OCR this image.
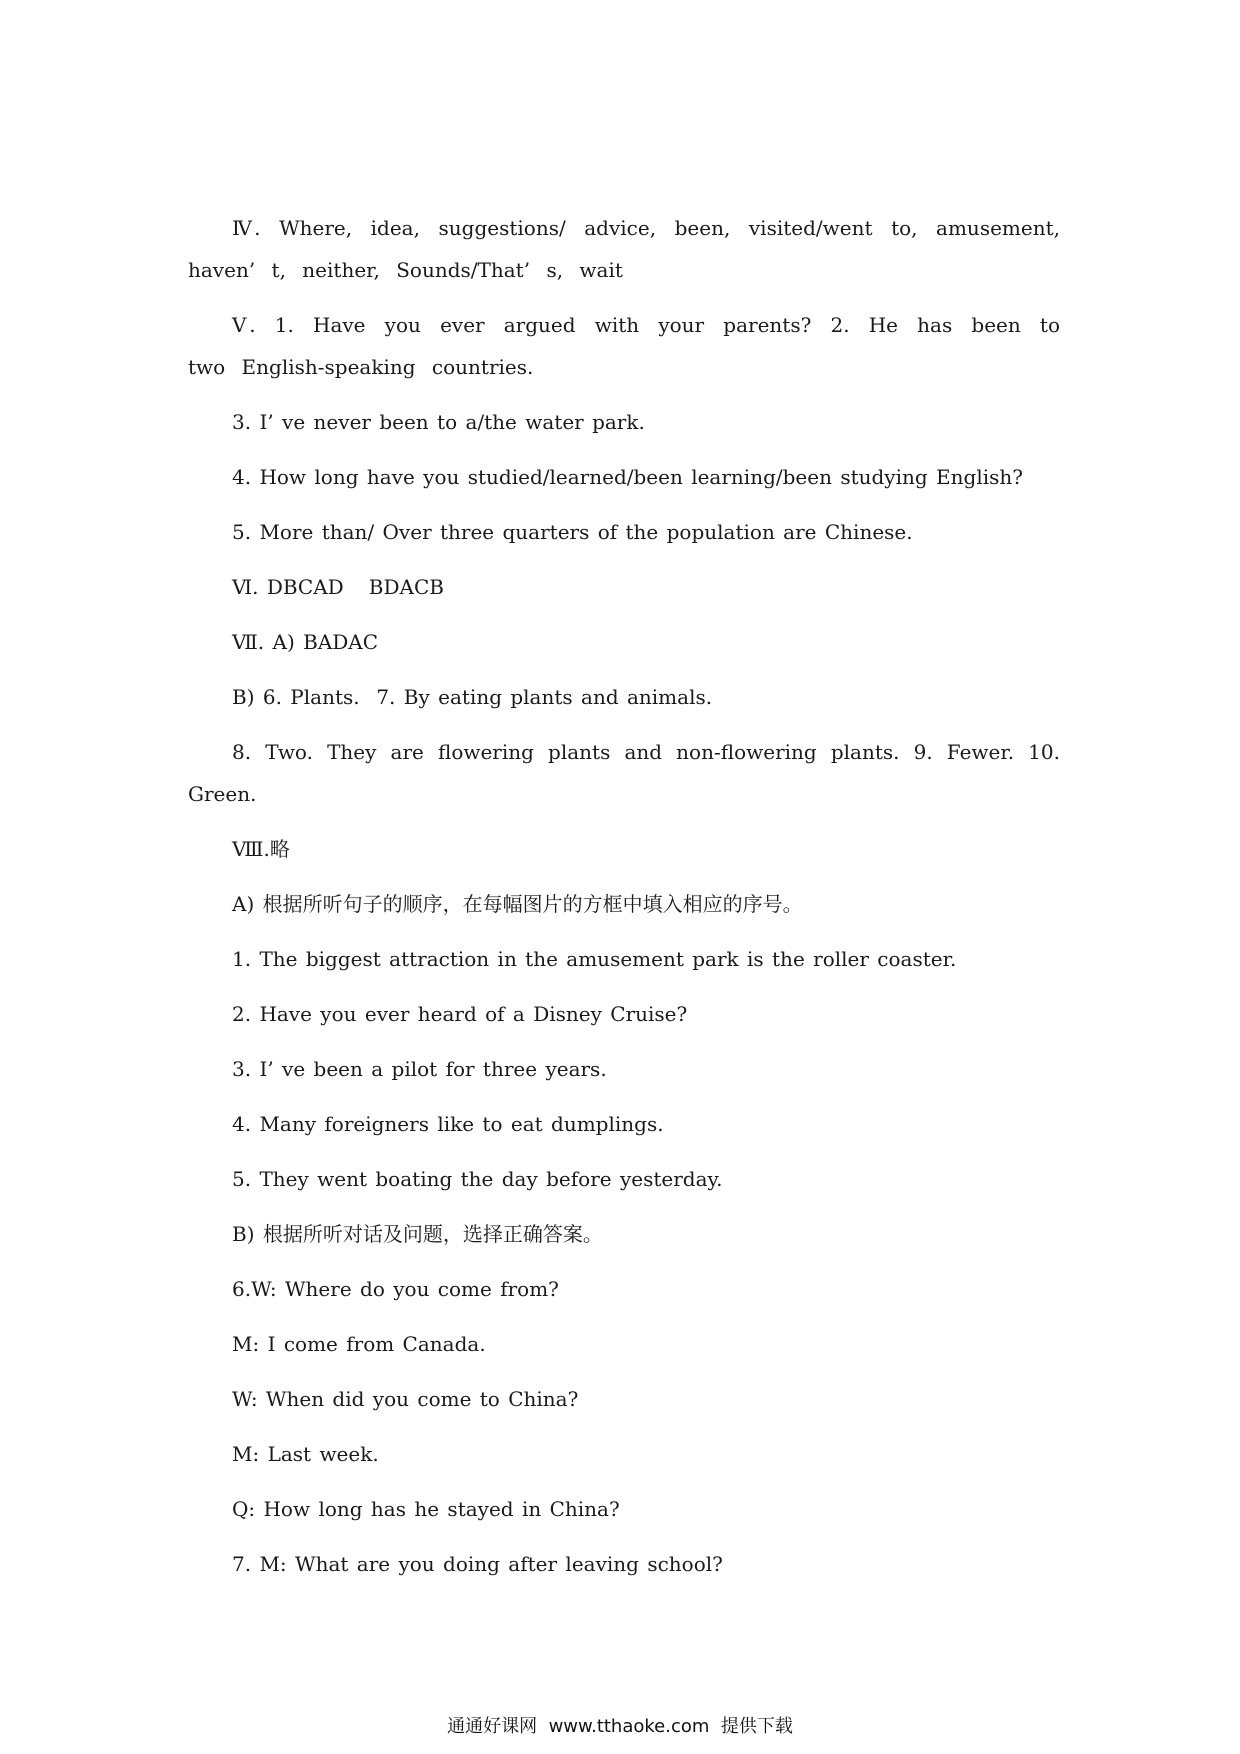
Ⅳ. Where, idea, suggestions/ advice, been, visited/went to, amusement, haven’ t, neither, Sounds/That’ s, wait

Ⅴ. 1. Have you ever argued with your parents? 2. He has been to two English-speaking countries.

3. I’ ve never been to a/the water park.

4. How long have you studied/learned/been learning/been studying English?

5. More than/ Over three quarters of the population are Chinese.

Ⅵ. DBCAD   BDACB

Ⅶ. A) BADAC

B) 6. Plants.  7. By eating plants and animals.

8. Two. They are flowering plants and non-flowering plants. 9. Fewer. 10. Green.

Ⅷ.略

A) 根据所听句子的顺序，在每幅图片的方框中填入相应的序号。

1. The biggest attraction in the amusement park is the roller coaster.

2. Have you ever heard of a Disney Cruise?

3. I’ ve been a pilot for three years.

4. Many foreigners like to eat dumplings.

5. They went boating the day before yesterday.

B) 根据所听对话及问题，选择正确答案。

6.W: Where do you come from?

M: I come from Canada.

W: When did you come to China?

M: Last week.

Q: How long has he stayed in China?

7. M: What are you doing after leaving school?

通通好课网  www.tthaoke.com  提供下载
